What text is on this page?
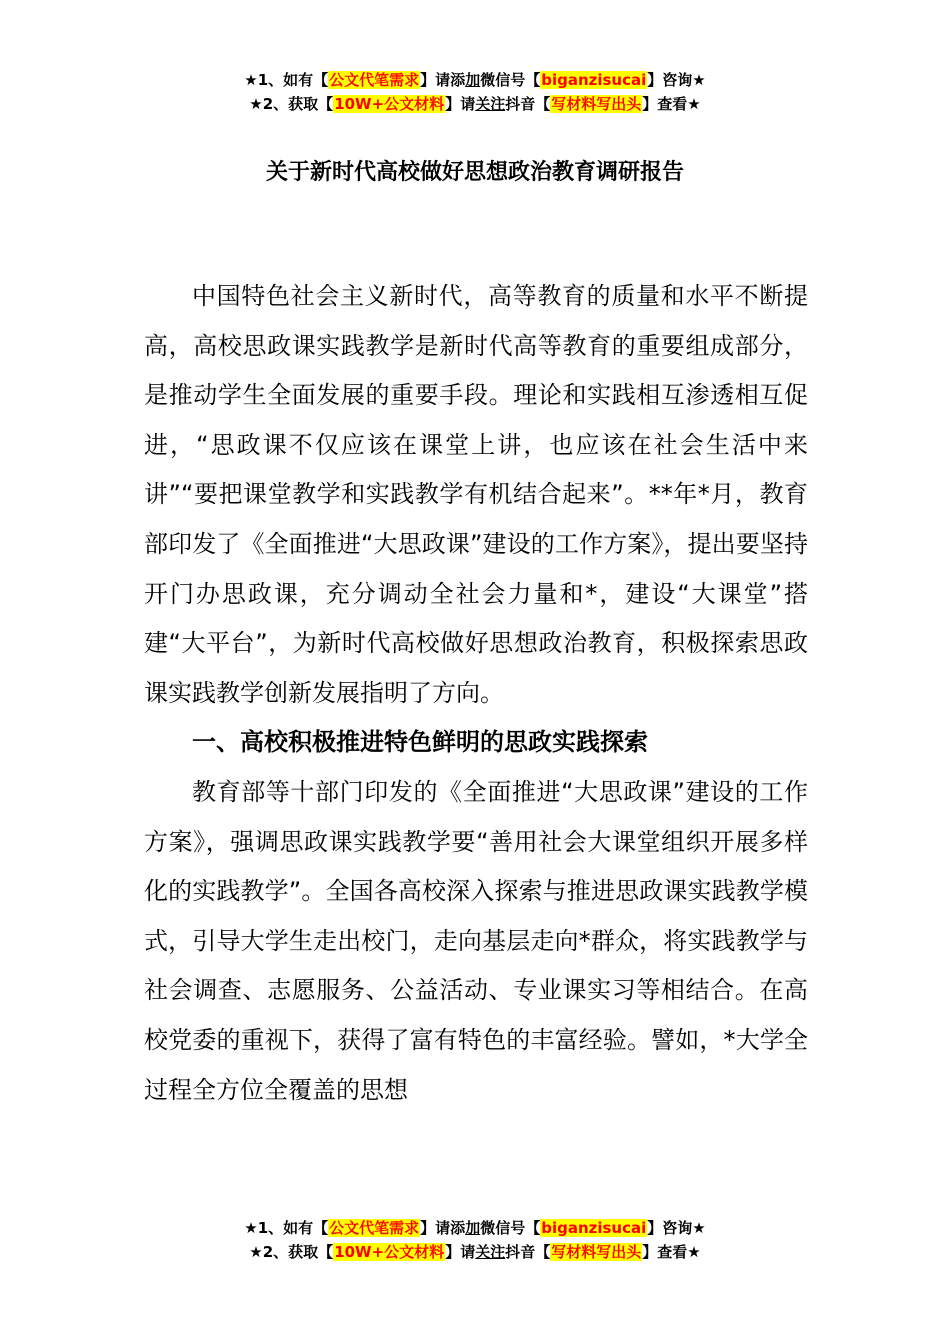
★1、如有【公文代笔需求】请添加微信号【biganzisucai】咨询★
★2、获取【10W+公文材料】请关注抖音【写材料写出头】查看★
关于新时代高校做好思想政治教育调研报告

中国特色社会主义新时代，高等教育的质量和水平不断提高，高校思政课实践教学是新时代高等教育的重要组成部分，是推动学生全面发展的重要手段。理论和实践相互渗透相互促进，“思政课不仅应该在课堂上讲，也应该在社会生活中来讲”“要把课堂教学和实践教学有机结合起来”。**年*月，教育部印发了《全面推进“大思政课”建设的工作方案》，提出要坚持开门办思政课，充分调动全社会力量和*，建设“大课堂”搭建“大平台”，为新时代高校做好思想政治教育，积极探索思政课实践教学创新发展指明了方向。

一、高校积极推进特色鲜明的思政实践探索

教育部等十部门印发的《全面推进“大思政课”建设的工作方案》，强调思政课实践教学要“善用社会大课堂组织开展多样化的实践教学”。全国各高校深入探索与推进思政课实践教学模式，引导大学生走出校门，走向基层走向*群众，将实践教学与社会调查、志愿服务、公益活动、专业课实习等相结合。在高校党委的重视下，获得了富有特色的丰富经验。譬如，*大学全过程全方位全覆盖的思想

★1、如有【公文代笔需求】请添加微信号【biganzisucai】咨询★
★2、获取【10W+公文材料】请关注抖音【写材料写出头】查看★
